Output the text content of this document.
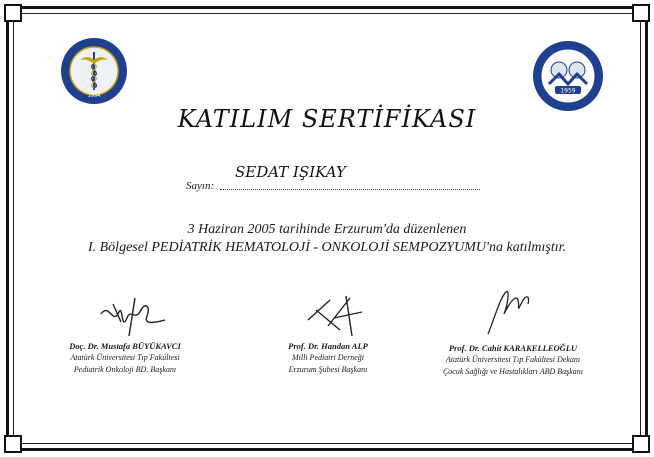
1954
1959
KATILIM SERTİFİKASI
SEDAT IŞIKAY
Sayın:
3 Haziran 2005 tarihinde Erzurum'da düzenlenen
I. Bölgesel PEDİATRİK HEMATOLOJİ - ONKOLOJİ SEMPOZYUMU'na katılmıştır.
Doç. Dr. Mustafa BÜYÜKAVCI
Atatürk Üniversitesi Tıp Fakültesi
Pediatrik Onkoloji BD. Başkanı
Prof. Dr. Handan ALP
Milli Pediatri Derneği
Erzurum Şubesi Başkanı
Prof. Dr. Cahit KARAKELLEOĞLU
Atatürk Üniversitesi Tıp Fakültesi Dekanı
Çocuk Sağlığı ve Hastalıkları ABD Başkanı
